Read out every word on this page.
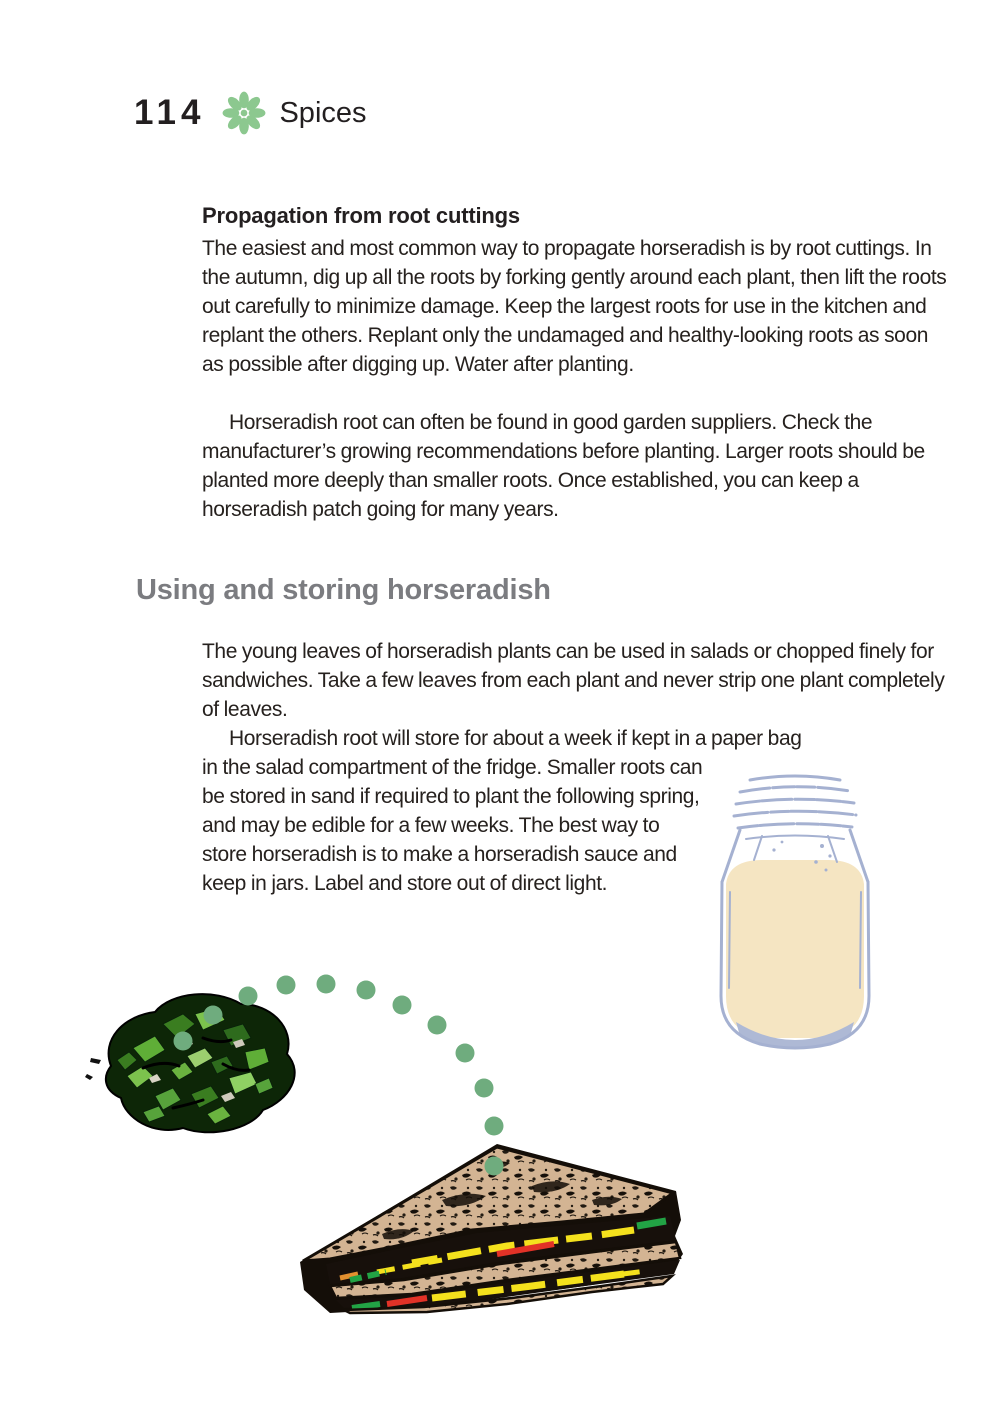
114	Spices
Propagation from root cuttings
The easiest and most common way to propagate horseradish is by root cuttings. In the autumn, dig up all the roots by forking gently around each plant, then lift the roots out carefully to minimize damage. Keep the largest roots for use in the kitchen and replant the others. Replant only the undamaged and healthy-looking roots as soon as possible after digging up. Water after planting.
Horseradish root can often be found in good garden suppliers. Check the manufacturer’s growing recommendations before planting. Larger roots should be planted more deeply than smaller roots. Once established, you can keep a horseradish patch going for many years.
Using and storing horseradish
The young leaves of horseradish plants can be used in salads or chopped finely for sandwiches. Take a few leaves from each plant and never strip one plant completely of leaves.
Horseradish root will store for about a week if kept in a paper bag
in the salad compartment of the fridge. Smaller roots can be stored in sand if required to plant the following spring, and may be edible for a few weeks. The best way to store horseradish is to make a horseradish sauce and keep in jars. Label and store out of direct light.
